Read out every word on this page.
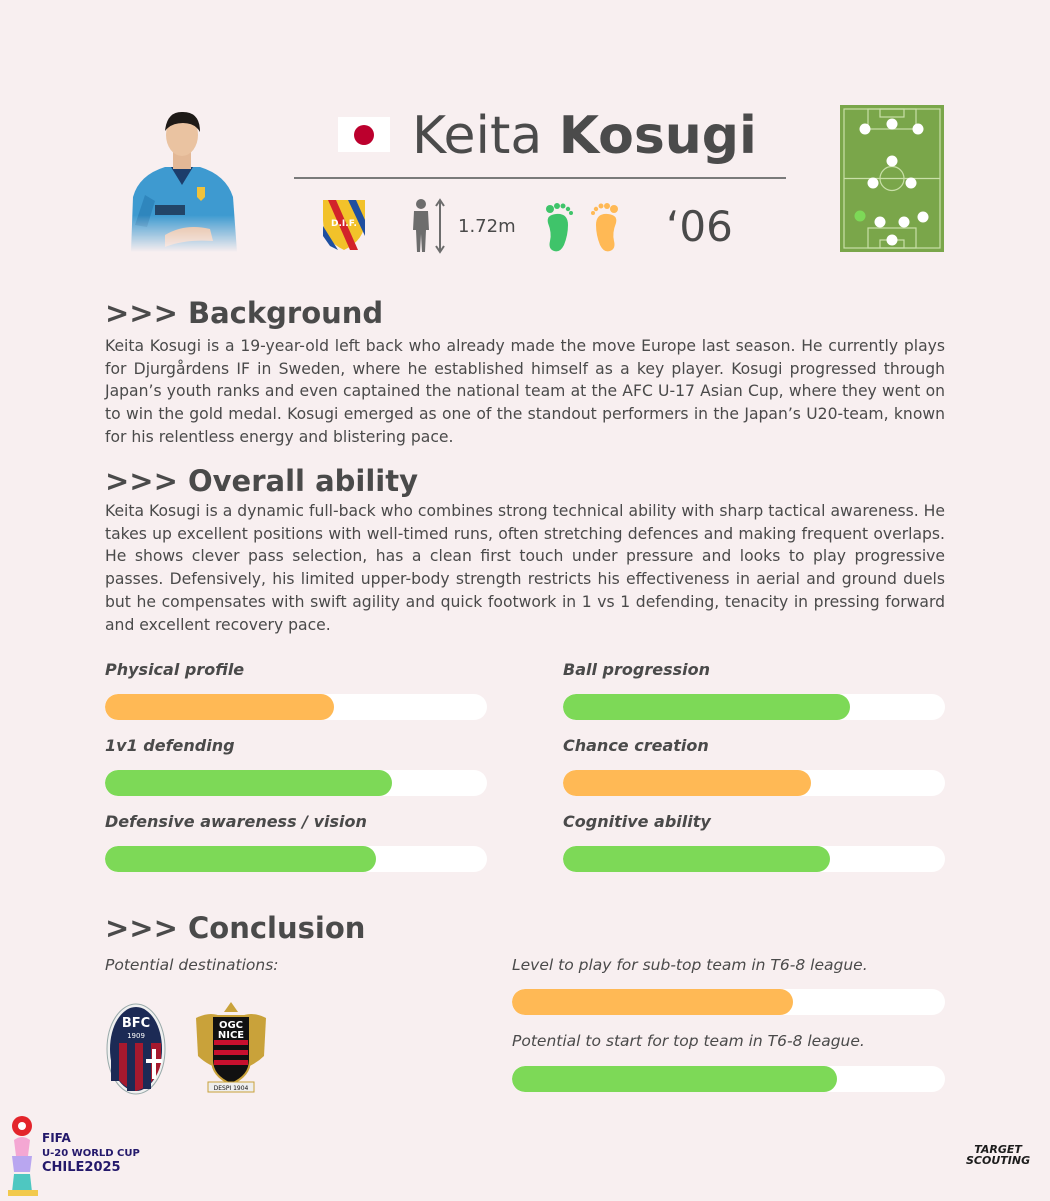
Keita Kosugi
D.I.F.	1.72m	‘06
>>> Background

Keita Kosugi is a 19-year-old left back who already made the move Europe last season. He currently plays for Djurgårdens IF in Sweden, where he established himself as a key player. Kosugi progressed through Japan’s youth ranks and even captained the national team at the AFC U-17 Asian Cup, where they went on to win the gold medal. Kosugi emerged as one of the standout performers in the Japan’s U20-team, known for his relentless energy and blistering pace.

>>> Overall ability

Keita Kosugi is a dynamic full-back who combines strong technical ability with sharp tactical awareness. He takes up excellent positions with well-timed runs, often stretching defences and making frequent overlaps. He shows clever pass selection, has a clean first touch under pressure and looks to play progressive passes. Defensively, his limited upper-body strength restricts his effectiveness in aerial and ground duels but he compensates with swift agility and quick footwork in 1 vs 1 defending, tenacity in pressing forward and excellent recovery pace.

Physical profile	Ball progression
1v1 defending	Chance creation
Defensive awareness / vision	Cognitive ability
>>> Conclusion
Potential destinations:
BFC
1909
OGC
NICE
DESPI 1904
Level to play for sub-top team in T6-8 league.
Potential to start for top team in T6-8 league.
FIFA
U-20 WORLD CUP
CHILE2025
TARGET
SCOUTING
